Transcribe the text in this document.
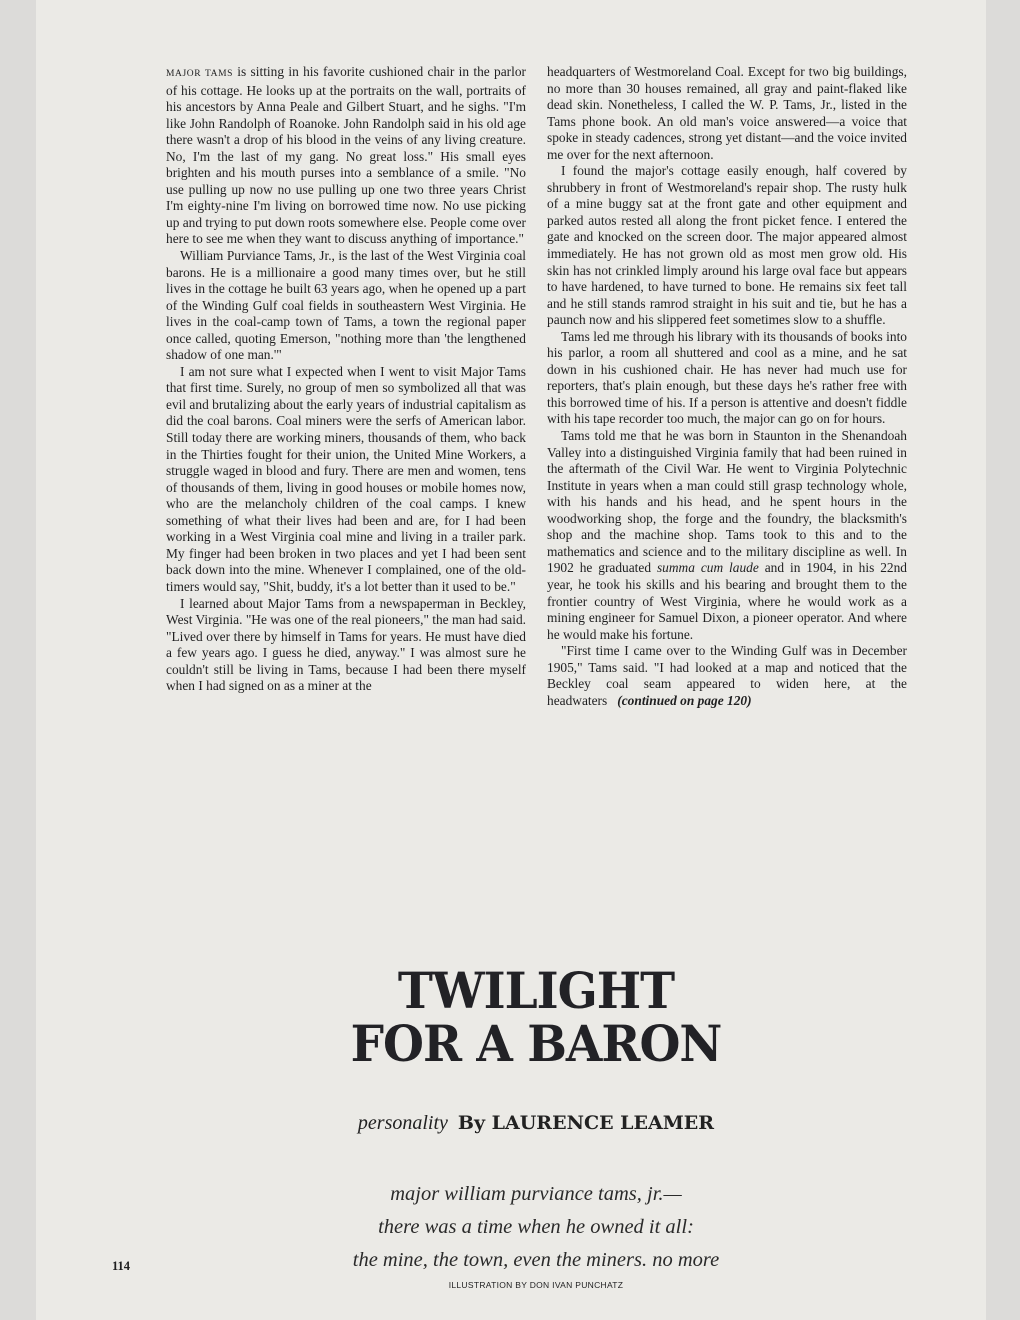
MAJOR TAMS is sitting in his favorite cushioned chair in the parlor of his cottage. He looks up at the portraits on the wall, portraits of his ancestors by Anna Peale and Gilbert Stuart, and he sighs. "I'm like John Randolph of Roanoke. John Randolph said in his old age there wasn't a drop of his blood in the veins of any living creature. No, I'm the last of my gang. No great loss." His small eyes brighten and his mouth purses into a semblance of a smile. "No use pulling up now no use pulling up one two three years Christ I'm eighty-nine I'm living on borrowed time now. No use picking up and trying to put down roots somewhere else. People come over here to see me when they want to discuss anything of importance."

William Purviance Tams, Jr., is the last of the West Virginia coal barons. He is a millionaire a good many times over, but he still lives in the cottage he built 63 years ago, when he opened up a part of the Winding Gulf coal fields in southeastern West Virginia. He lives in the coal-camp town of Tams, a town the regional paper once called, quoting Emerson, "nothing more than 'the lengthened shadow of one man.'"

I am not sure what I expected when I went to visit Major Tams that first time. Surely, no group of men so symbolized all that was evil and brutalizing about the early years of industrial capitalism as did the coal barons. Coal miners were the serfs of American labor. Still today there are working miners, thousands of them, who back in the Thirties fought for their union, the United Mine Workers, a struggle waged in blood and fury. There are men and women, tens of thousands of them, living in good houses or mobile homes now, who are the melancholy children of the coal camps. I knew something of what their lives had been and are, for I had been working in a West Virginia coal mine and living in a trailer park. My finger had been broken in two places and yet I had been sent back down into the mine. Whenever I complained, one of the old-timers would say, "Shit, buddy, it's a lot better than it used to be."

I learned about Major Tams from a newspaperman in Beckley, West Virginia. "He was one of the real pioneers," the man had said. "Lived over there by himself in Tams for years. He must have died a few years ago. I guess he died, anyway." I was almost sure he couldn't still be living in Tams, because I had been there myself when I had signed on as a miner at the

headquarters of Westmoreland Coal. Except for two big buildings, no more than 30 houses remained, all gray and paint-flaked like dead skin. Nonetheless, I called the W. P. Tams, Jr., listed in the Tams phone book. An old man's voice answered—a voice that spoke in steady cadences, strong yet distant—and the voice invited me over for the next afternoon.

I found the major's cottage easily enough, half covered by shrubbery in front of Westmoreland's repair shop. The rusty hulk of a mine buggy sat at the front gate and other equipment and parked autos rested all along the front picket fence. I entered the gate and knocked on the screen door. The major appeared almost immediately. He has not grown old as most men grow old. His skin has not crinkled limply around his large oval face but appears to have hardened, to have turned to bone. He remains six feet tall and he still stands ramrod straight in his suit and tie, but he has a paunch now and his slippered feet sometimes slow to a shuffle.

Tams led me through his library with its thousands of books into his parlor, a room all shuttered and cool as a mine, and he sat down in his cushioned chair. He has never had much use for reporters, that's plain enough, but these days he's rather free with this borrowed time of his. If a person is attentive and doesn't fiddle with his tape recorder too much, the major can go on for hours.

Tams told me that he was born in Staunton in the Shenandoah Valley into a distinguished Virginia family that had been ruined in the aftermath of the Civil War. He went to Virginia Polytechnic Institute in years when a man could still grasp technology whole, with his hands and his head, and he spent hours in the woodworking shop, the forge and the foundry, the blacksmith's shop and the machine shop. Tams took to this and to the mathematics and science and to the military discipline as well. In 1902 he graduated summa cum laude and in 1904, in his 22nd year, he took his skills and his bearing and brought them to the frontier country of West Virginia, where he would work as a mining engineer for Samuel Dixon, a pioneer operator. And where he would make his fortune.

"First time I came over to the Winding Gulf was in December 1905," Tams said. "I had looked at a map and noticed that the Beckley coal seam appeared to widen here, at the headwaters (continued on page 120)

114
TWILIGHT
FOR A BARON
personality By LAURENCE LEAMER
major william purviance tams, jr.—
there was a time when he owned it all:
the mine, the town, even the miners. no more
ILLUSTRATION BY DON IVAN PUNCHATZ
